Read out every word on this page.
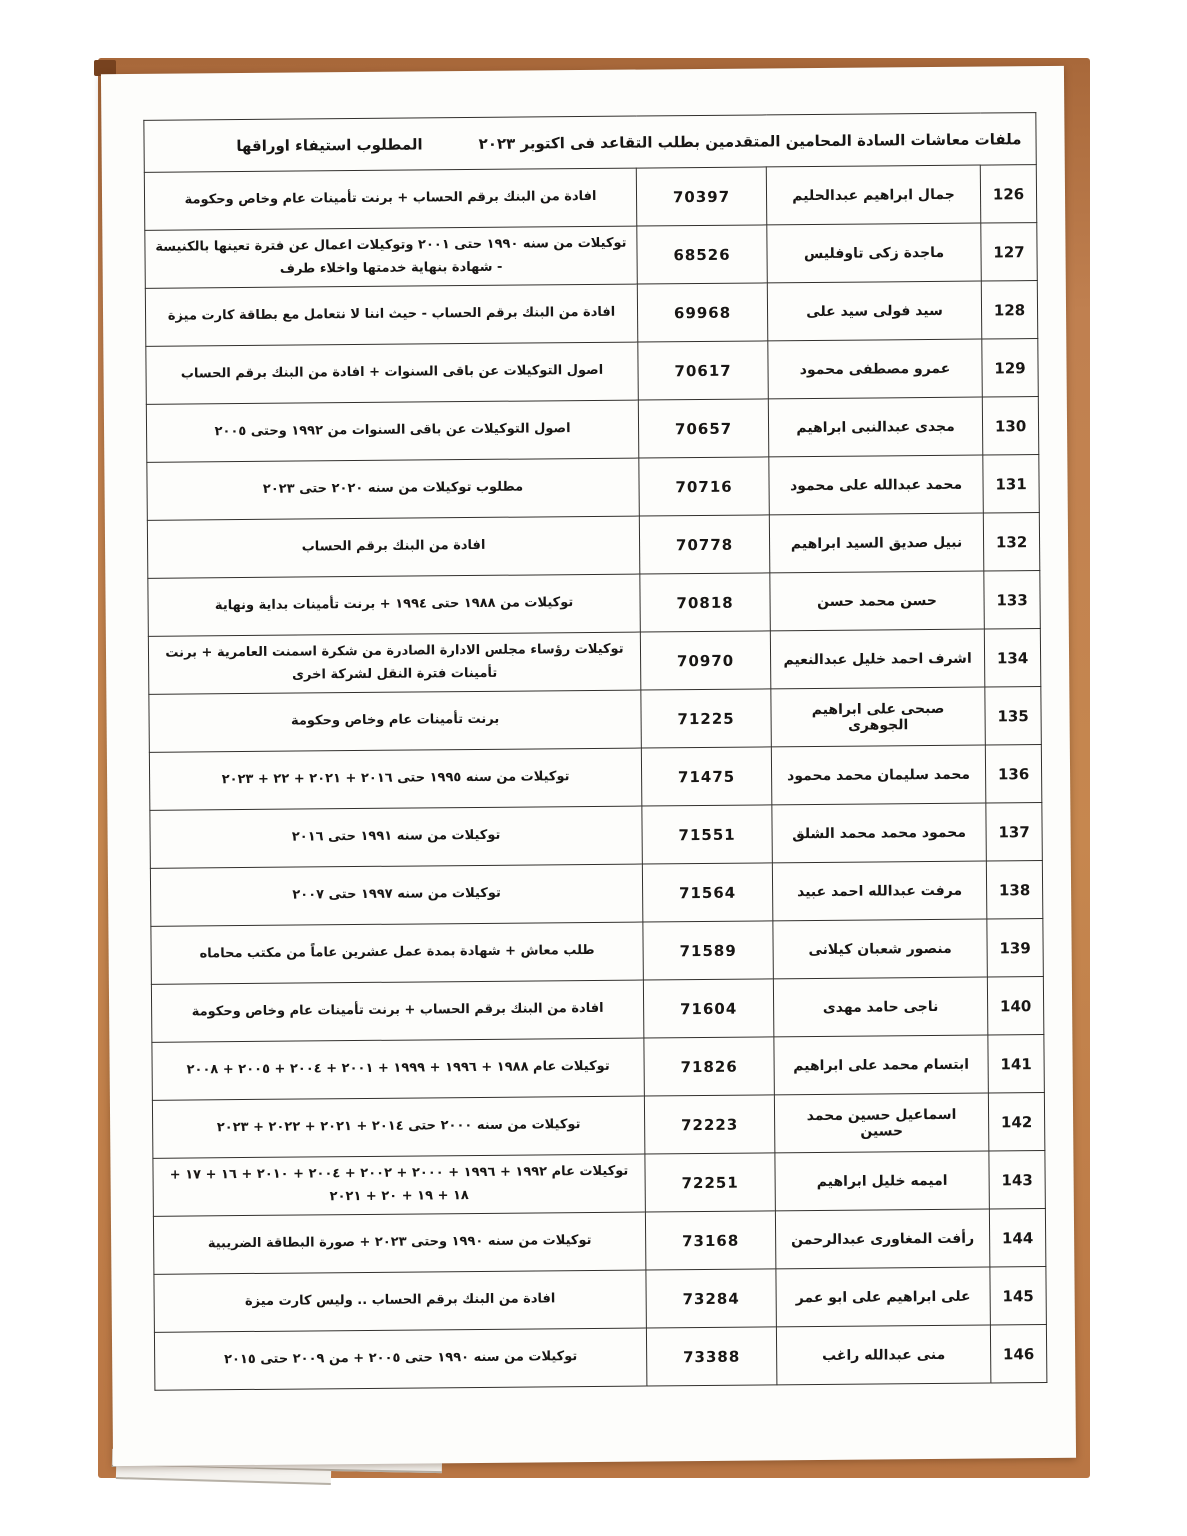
ملفات معاشات السادة المحامين المتقدمين بطلب التقاعد فى اكتوبر ٢٠٢٣
المطلوب استيفاء اوراقها			

126	جمال ابراهيم عبدالحليم	70397	افادة من البنك برقم الحساب + برنت تأمينات عام وخاص وحكومة
127	ماجدة زكى تاوفليس	68526	توكيلات من سنه ١٩٩٠ حتى ٢٠٠١ وتوكيلات اعمال عن فترة تعينها بالكنيسة - شهادة بنهاية خدمتها واخلاء طرف
128	سيد فولى سيد على	69968	افادة من البنك برقم الحساب - حيث اننا لا نتعامل مع بطاقة كارت ميزة
129	عمرو مصطفى محمود	70617	اصول التوكيلات عن باقى السنوات + افادة من البنك برقم الحساب
130	مجدى عبدالنبى ابراهيم	70657	اصول التوكيلات عن باقى السنوات من ١٩٩٢ وحتى ٢٠٠٥
131	محمد عبدالله على محمود	70716	مطلوب توكيلات من سنه ٢٠٢٠ حتى ٢٠٢٣
132	نبيل صديق السيد ابراهيم	70778	افادة من البنك برقم الحساب
133	حسن محمد حسن	70818	توكيلات من ١٩٨٨ حتى ١٩٩٤ + برنت تأمينات بداية ونهاية
134	اشرف احمد خليل عبدالنعيم	70970	توكيلات رؤساء مجلس الادارة الصادرة من شكرة اسمنت العامرية + برنت تأمينات فترة النقل لشركة اخرى
135	صبحى على ابراهيم الجوهرى	71225	برنت تأمينات عام وخاص وحكومة
136	محمد سليمان محمد محمود	71475	توكيلات من سنه ١٩٩٥ حتى ٢٠١٦ + ٢٠٢١ + ٢٢ + ٢٠٢٣
137	محمود محمد محمد الشلق	71551	توكيلات من سنه ١٩٩١ حتى ٢٠١٦
138	مرفت عبدالله احمد عبيد	71564	توكيلات من سنه ١٩٩٧ حتى ٢٠٠٧
139	منصور شعبان كيلانى	71589	طلب معاش + شهادة بمدة عمل عشرين عاماً من مكتب محاماه
140	ناجى حامد مهدى	71604	افادة من البنك برقم الحساب + برنت تأمينات عام وخاص وحكومة
141	ابتسام محمد على ابراهيم	71826	توكيلات عام ١٩٨٨ + ١٩٩٦ + ١٩٩٩ + ٢٠٠١ + ٢٠٠٤ + ٢٠٠٥ + ٢٠٠٨
142	اسماعيل حسين محمد حسين	72223	توكيلات من سنه ٢٠٠٠ حتى ٢٠١٤ + ٢٠٢١ + ٢٠٢٢ + ٢٠٢٣
143	اميمه خليل ابراهيم	72251	توكيلات عام ١٩٩٢ + ١٩٩٦ + ٢٠٠٠ + ٢٠٠٢ + ٢٠٠٤ + ٢٠١٠ + ١٦ + ١٧ + ١٨ + ١٩ + ٢٠ + ٢٠٢١
144	رأفت المغاورى عبدالرحمن	73168	توكيلات من سنه ١٩٩٠ وحتى ٢٠٢٣ + صورة البطاقة الضريبية
145	على ابراهيم على ابو عمر	73284	افادة من البنك برقم الحساب .. وليس كارت ميزة
146	منى عبدالله راغب	73388	توكيلات من سنه ١٩٩٠ حتى ٢٠٠٥ + من ٢٠٠٩ حتى ٢٠١٥
